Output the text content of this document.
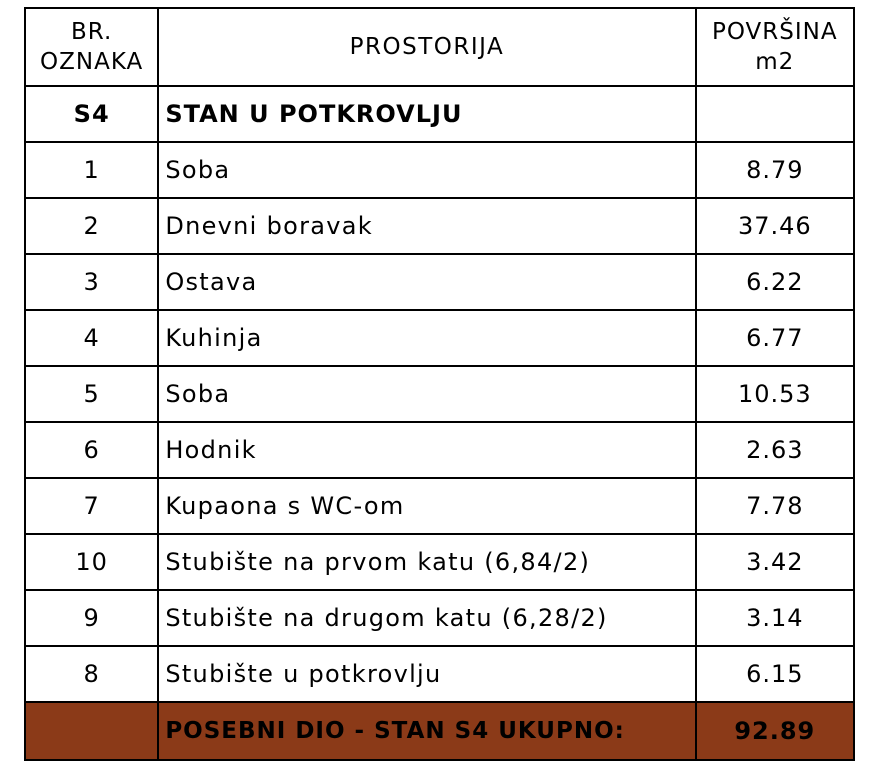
BR.
OZNAKA	PROSTORIJA	POVRŠINA
m2

S4	STAN U POTKROVLJU	
1	Soba	8.79
2	Dnevni boravak	37.46
3	Ostava	6.22
4	Kuhinja	6.77
5	Soba	10.53
6	Hodnik	2.63
7	Kupaona s WC-om	7.78
10	Stubište na prvom katu (6,84/2)	3.42
9	Stubište na drugom katu (6,28/2)	3.14
8	Stubište u potkrovlju	6.15
	POSEBNI DIO - STAN S4 UKUPNO:	92.89
